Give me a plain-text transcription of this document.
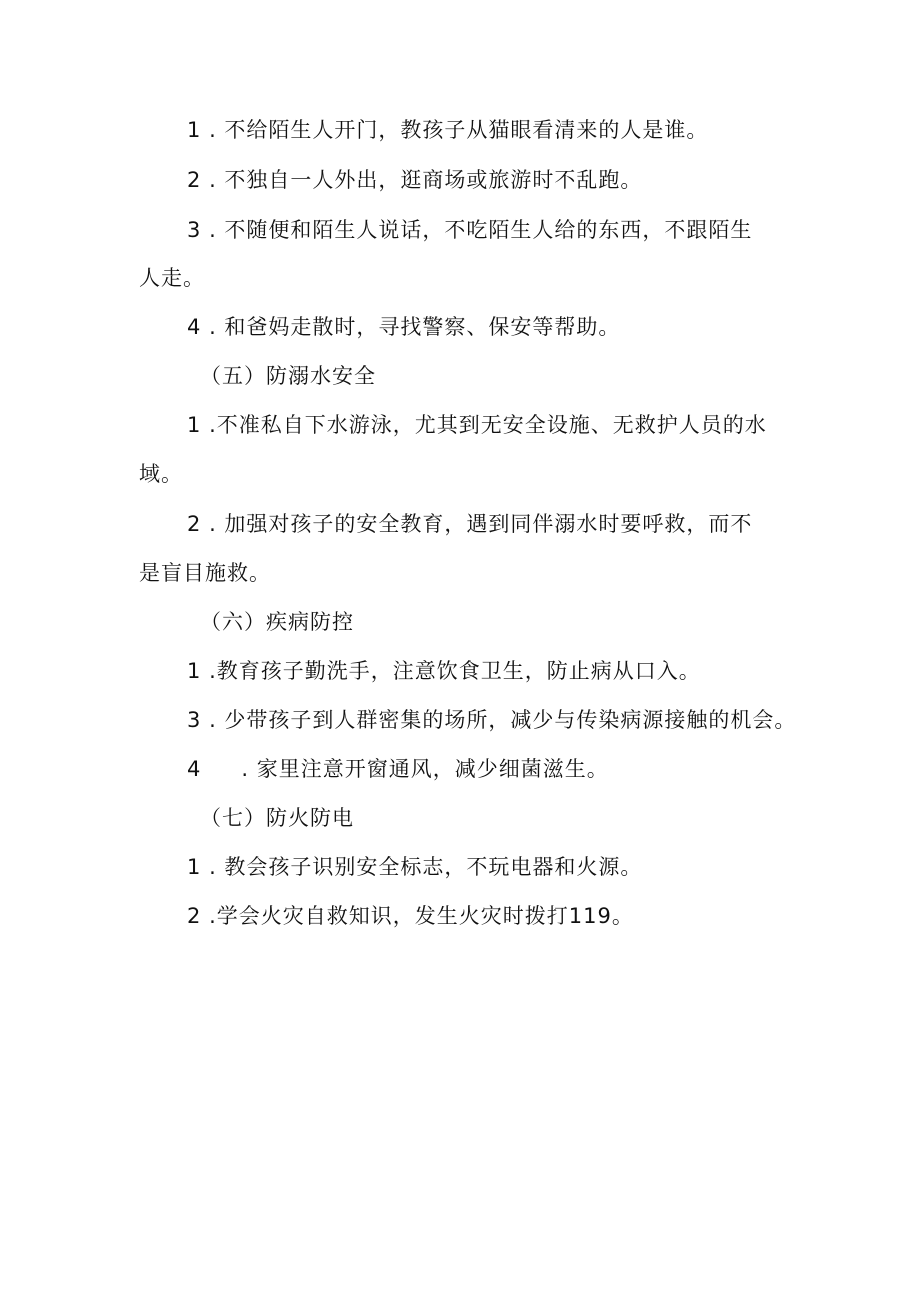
1 . 不给陌生人开门，教孩子从猫眼看清来的人是谁。
2 . 不独自一人外出，逛商场或旅游时不乱跑。
3 . 不随便和陌生人说话，不吃陌生人给的东西，不跟陌生
人走。
4 . 和爸妈走散时，寻找警察、保安等帮助。
（五）防溺水安全
1 .不准私自下水游泳，尤其到无安全设施、无救护人员的水
域。
2 . 加强对孩子的安全教育，遇到同伴溺水时要呼救，而不
是盲目施救。
（六）疾病防控
1 .教育孩子勤洗手，注意饮食卫生，防止病从口入。
3 . 少带孩子到人群密集的场所，减少与传染病源接触的机会。
4 . 家里注意开窗通风，减少细菌滋生。
（七）防火防电
1 . 教会孩子识别安全标志，不玩电器和火源。
2 .学会火灾自救知识，发生火灾时拨打119。
